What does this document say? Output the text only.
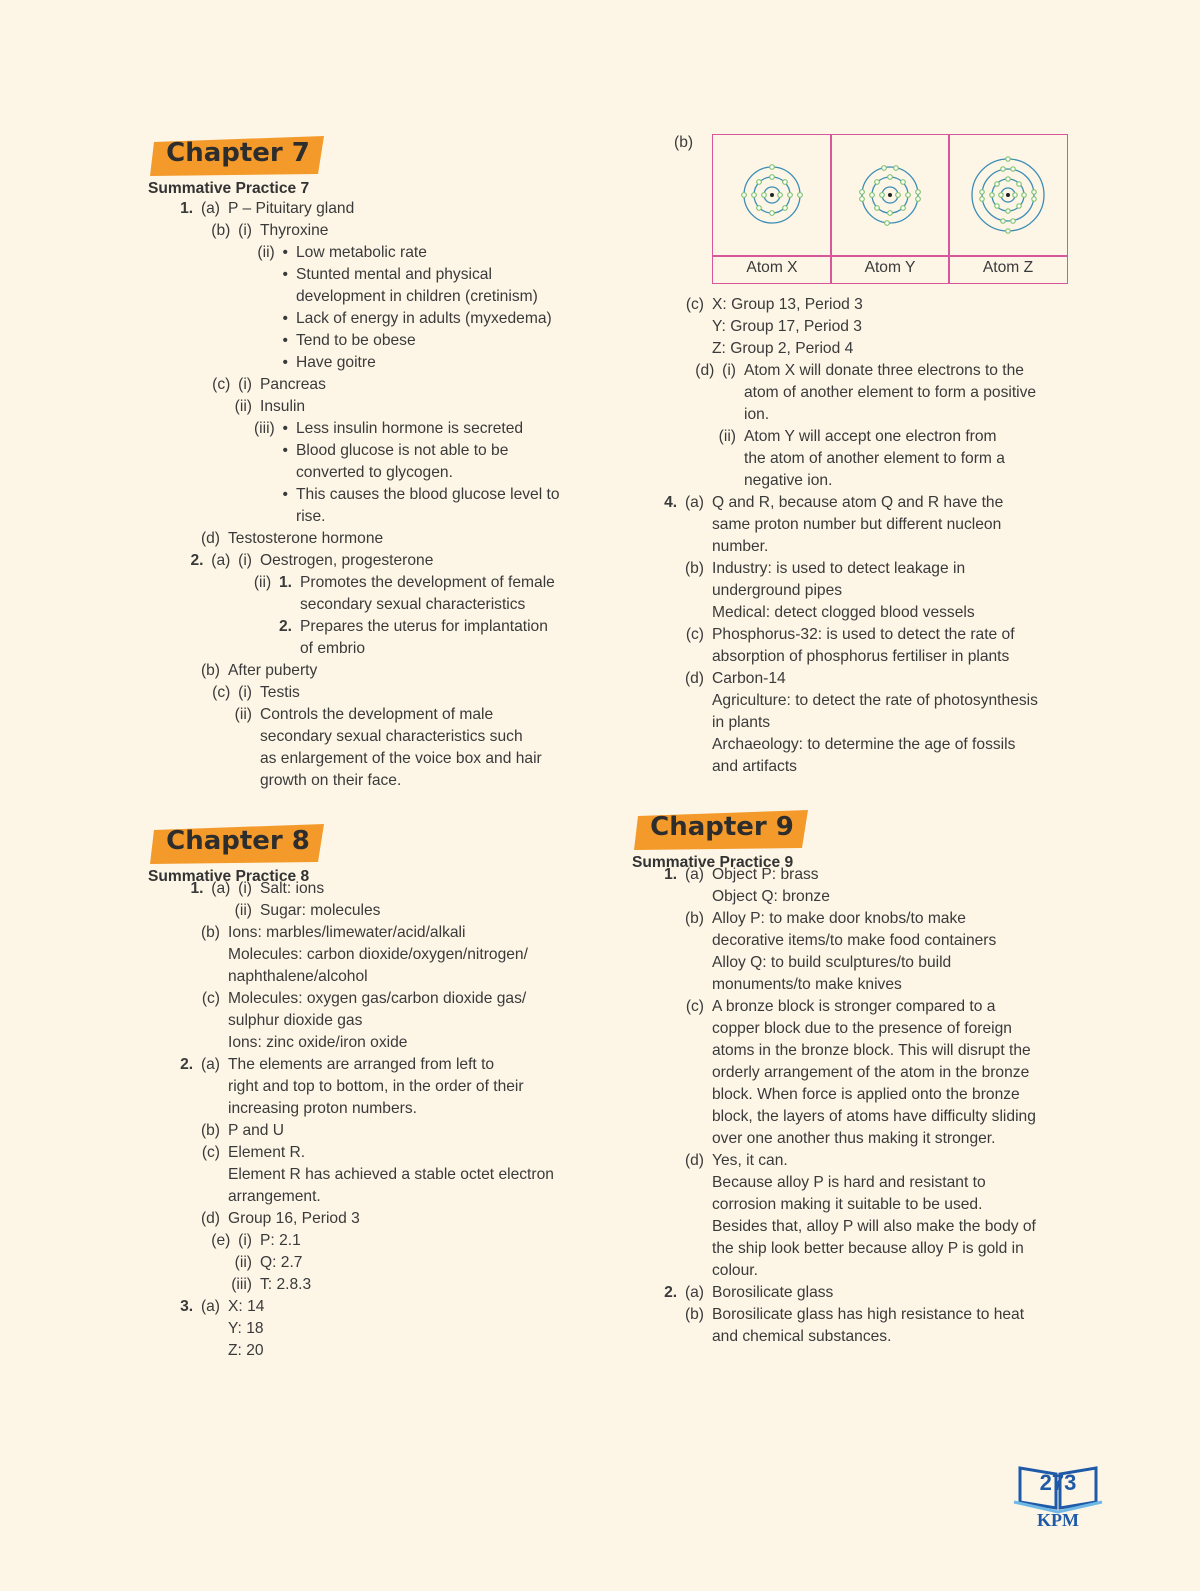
Chapter 7
Summative Practice 7
1. (a) P – Pituitary gland
(b) (i) Thyroxine
(ii) • Low metabolic rate
• Stunted mental and physical
development in children (cretinism)
• Lack of energy in adults (myxedema)
• Tend to be obese
• Have goitre
(c) (i) Pancreas
(ii) Insulin
(iii) • Less insulin hormone is secreted
• Blood glucose is not able to be
converted to glycogen.
• This causes the blood glucose level to
rise.
(d) Testosterone hormone
2. (a) (i) Oestrogen, progesterone
(ii) 1. Promotes the development of female
secondary sexual characteristics
2. Prepares the uterus for implantation
of embrio
(b) After puberty
(c) (i) Testis
(ii) Controls the development of male
secondary sexual characteristics such
as enlargement of the voice box and hair
growth on their face.
Chapter 8
Summative Practice 8
1. (a) (i) Salt: ions
(ii) Sugar: molecules
(b) Ions: marbles/limewater/acid/alkali
Molecules: carbon dioxide/oxygen/nitrogen/
naphthalene/alcohol
(c) Molecules: oxygen gas/carbon dioxide gas/
sulphur dioxide gas
Ions: zinc oxide/iron oxide
2. (a) The elements are arranged from left to
right and top to bottom, in the order of their
increasing proton numbers.
(b) P and U
(c) Element R.
Element R has achieved a stable octet electron
arrangement.
(d) Group 16, Period 3
(e) (i) P: 2.1
(ii) Q: 2.7
(iii) T: 2.8.3
3. (a) X: 14
Y: 18
Z: 20
(b)
Atom X	Atom Y	Atom Z
(c) X: Group 13, Period 3
Y: Group 17, Period 3
Z: Group 2, Period 4
(d) (i) Atom X will donate three electrons to the
atom of another element to form a positive
ion.
(ii) Atom Y will accept one electron from
the atom of another element to form a
negative ion.
4. (a) Q and R, because atom Q and R have the
same proton number but different nucleon
number.
(b) Industry: is used to detect leakage in
underground pipes
Medical: detect clogged blood vessels
(c) Phosphorus-32: is used to detect the rate of
absorption of phosphorus fertiliser in plants
(d) Carbon-14
Agriculture: to detect the rate of photosynthesis
in plants
Archaeology: to determine the age of fossils
and artifacts
Chapter 9
Summative Practice 9
1. (a) Object P: brass
Object Q: bronze
(b) Alloy P: to make door knobs/to make
decorative items/to make food containers
Alloy Q: to build sculptures/to build
monuments/to make knives
(c) A bronze block is stronger compared to a
copper block due to the presence of foreign
atoms in the bronze block. This will disrupt the
orderly arrangement of the atom in the bronze
block. When force is applied onto the bronze
block, the layers of atoms have difficulty sliding
over one another thus making it stronger.
(d) Yes, it can.
Because alloy P is hard and resistant to
corrosion making it suitable to be used.
Besides that, alloy P will also make the body of
the ship look better because alloy P is gold in
colour.
2. (a) Borosilicate glass
(b) Borosilicate glass has high resistance to heat
and chemical substances.
273
KPM
